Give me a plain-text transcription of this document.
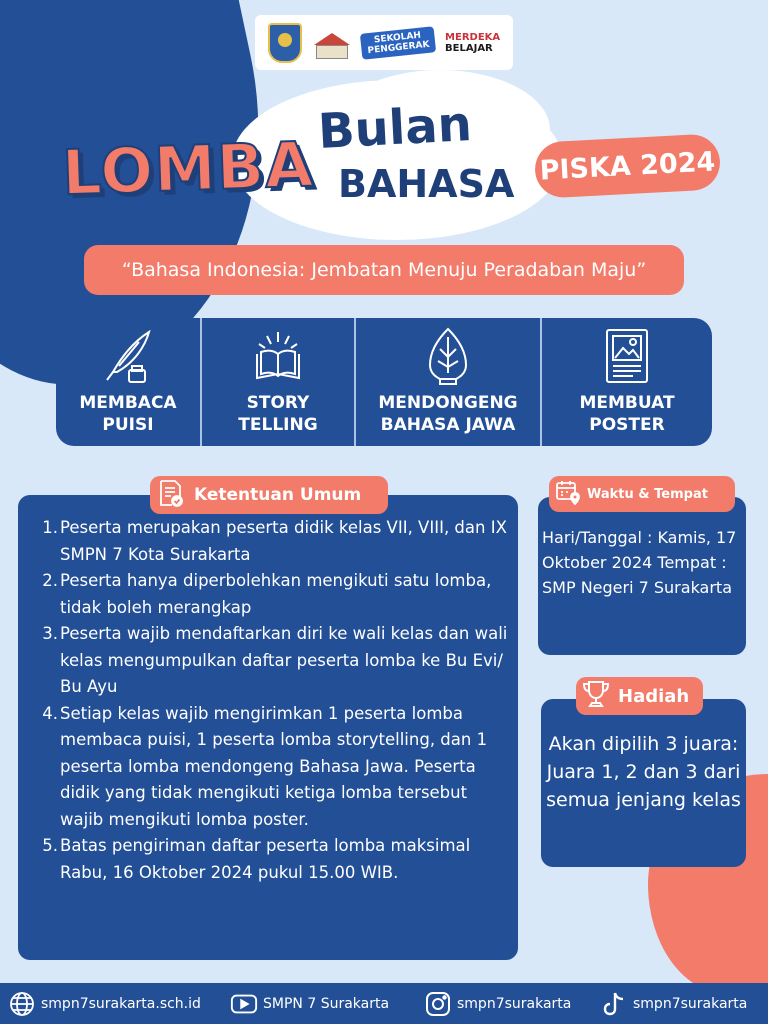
SEKOLAH
PENGGERAK
MERDEKA
BELAJAR
LOMBA Bulan
BAHASA PISKA 2024
“Bahasa Indonesia: Jembatan Menuju Peradaban Maju”
MEMBACA
PUISI
STORY
TELLING
MENDONGENG
BAHASA JAWA
MEMBUAT
POSTER
Ketentuan Umum
1. Peserta merupakan peserta didik kelas VII, VIII, dan IX SMPN 7 Kota Surakarta
2. Peserta hanya diperbolehkan mengikuti satu lomba, tidak boleh merangkap
3. Peserta wajib mendaftarkan diri ke wali kelas dan wali kelas mengumpulkan daftar peserta lomba ke Bu Evi/ Bu Ayu
4. Setiap kelas wajib mengirimkan 1 peserta lomba membaca puisi, 1 peserta lomba storytelling, dan 1 peserta lomba mendongeng Bahasa Jawa. Peserta didik yang tidak mengikuti ketiga lomba tersebut wajib mengikuti lomba poster.
5. Batas pengiriman daftar peserta lomba maksimal Rabu, 16 Oktober 2024 pukul 15.00 WIB.
Waktu & Tempat
Hari/Tanggal : Kamis, 17 Oktober 2024 Tempat : SMP Negeri 7 Surakarta
Hadiah
Akan dipilih 3 juara: Juara 1, 2 dan 3 dari semua jenjang kelas
smpn7surakarta.sch.id	SMPN 7 Surakarta	smpn7surakarta	smpn7surakarta
